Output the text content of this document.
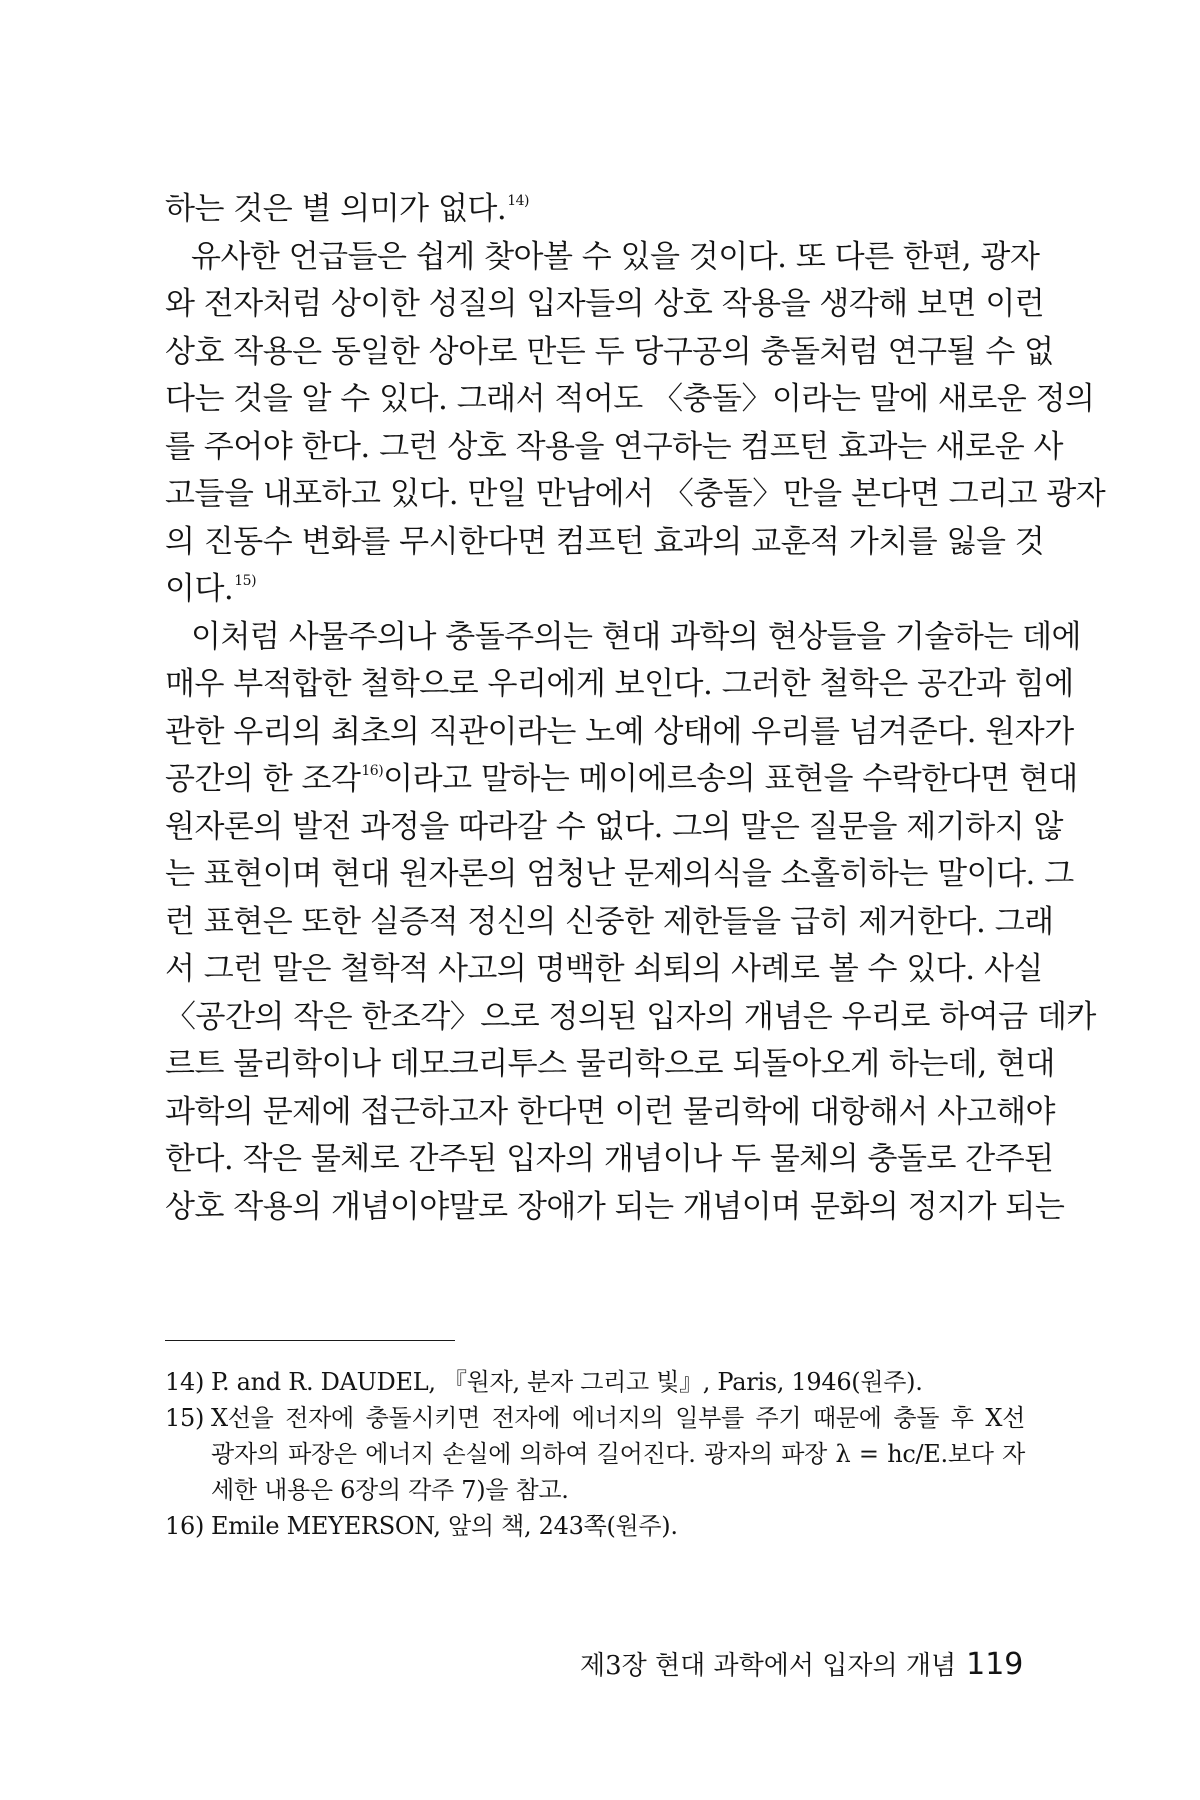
하는 것은 별 의미가 없다.$^{14)}$
유사한 언급들은 쉽게 찾아볼 수 있을 것이다. 또 다른 한편, 광자
와 전자처럼 상이한 성질의 입자들의 상호 작용을 생각해 보면 이런
상호 작용은 동일한 상아로 만든 두 당구공의 충돌처럼 연구될 수 없
다는 것을 알 수 있다. 그래서 적어도 〈충돌〉이라는 말에 새로운 정의
를 주어야 한다. 그런 상호 작용을 연구하는 컴프턴 효과는 새로운 사
고들을 내포하고 있다. 만일 만남에서 〈충돌〉만을 본다면 그리고 광자
의 진동수 변화를 무시한다면 컴프턴 효과의 교훈적 가치를 잃을 것
이다.$^{15)}$
이처럼 사물주의나 충돌주의는 현대 과학의 현상들을 기술하는 데에
매우 부적합한 철학으로 우리에게 보인다. 그러한 철학은 공간과 힘에
관한 우리의 최초의 직관이라는 노예 상태에 우리를 넘겨준다. 원자가
공간의 한 조각$^{16)}$이라고 말하는 메이에르송의 표현을 수락한다면 현대
원자론의 발전 과정을 따라갈 수 없다. 그의 말은 질문을 제기하지 않
는 표현이며 현대 원자론의 엄청난 문제의식을 소홀히하는 말이다. 그
런 표현은 또한 실증적 정신의 신중한 제한들을 급히 제거한다. 그래
서 그런 말은 철학적 사고의 명백한 쇠퇴의 사례로 볼 수 있다. 사실
〈공간의 작은 한조각〉으로 정의된 입자의 개념은 우리로 하여금 데카
르트 물리학이나 데모크리투스 물리학으로 되돌아오게 하는데, 현대
과학의 문제에 접근하고자 한다면 이런 물리학에 대항해서 사고해야
한다. 작은 물체로 간주된 입자의 개념이나 두 물체의 충돌로 간주된
상호 작용의 개념이야말로 장애가 되는 개념이며 문화의 정지가 되는
14) P. and R. DAUDEL, 『원자, 분자 그리고 빛』, Paris, 1946(원주).
15) X선을 전자에 충돌시키면 전자에 에너지의 일부를 주기 때문에 충돌 후 X선
광자의 파장은 에너지 손실에 의하여 길어진다. 광자의 파장 λ = hc/E.보다 자
세한 내용은 6장의 각주 7)을 참고.
16) Emile MEYERSON, 앞의 책, 243쪽(원주).
제3장 현대 과학에서 입자의 개념 119
